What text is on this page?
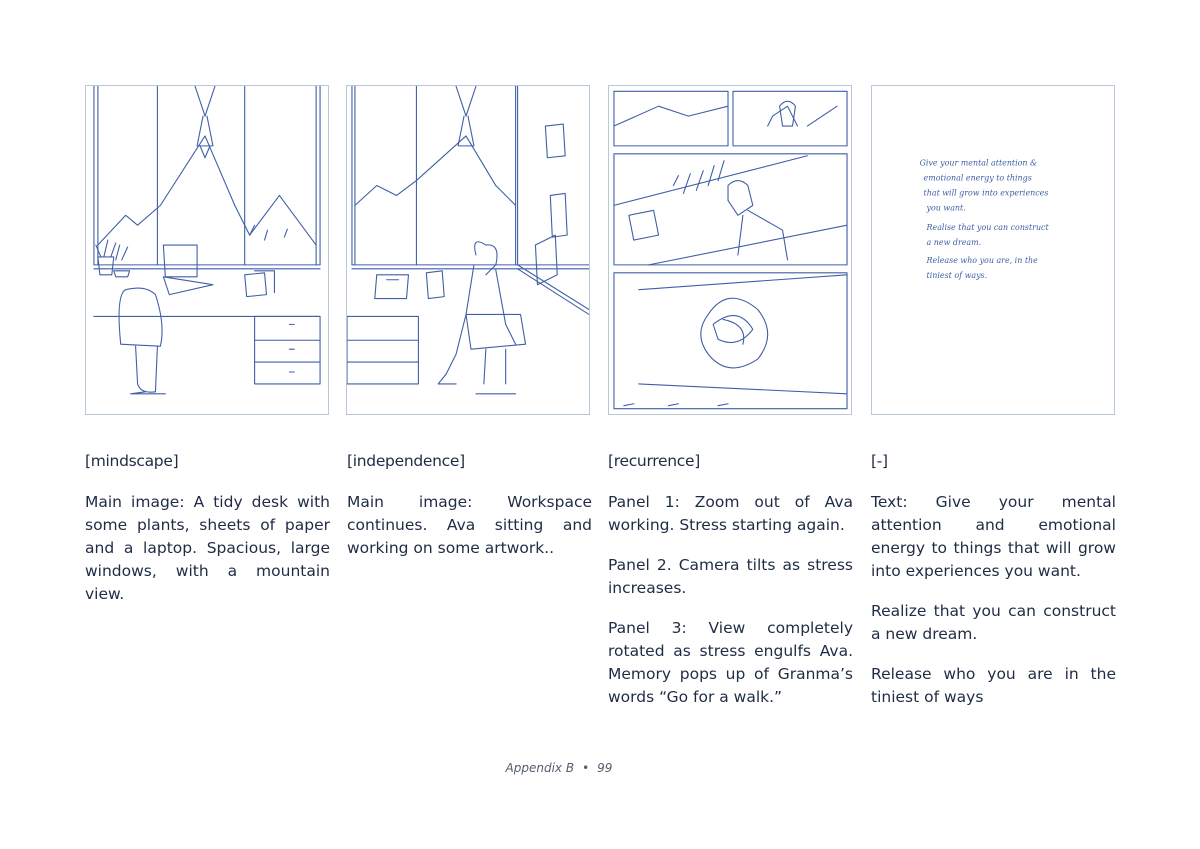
Give your mental attention &
emotional energy to things
that will grow into experiences
you want.
Realise that you can construct
a new dream.
Release who you are, in the
tiniest of ways.
[mindscape]

Main image: A tidy desk with some plants, sheets of paper and a laptop. Spacious, large windows, with a mountain view.

[independence]

Main image: Workspace continues. Ava sitting and working on some artwork..

[recurrence]

Panel 1: Zoom out of Ava working. Stress starting again.

Panel 2. Camera tilts as stress increases.

Panel 3: View completely rotated as stress engulfs Ava. Memory pops up of Granma’s words “Go for a walk.”

[-]

Text: Give your mental attention and emotional energy to things that will grow into experiences you want.

Realize that you can construct a new dream.

Release who you are in the tiniest of ways

Appendix B • 99
